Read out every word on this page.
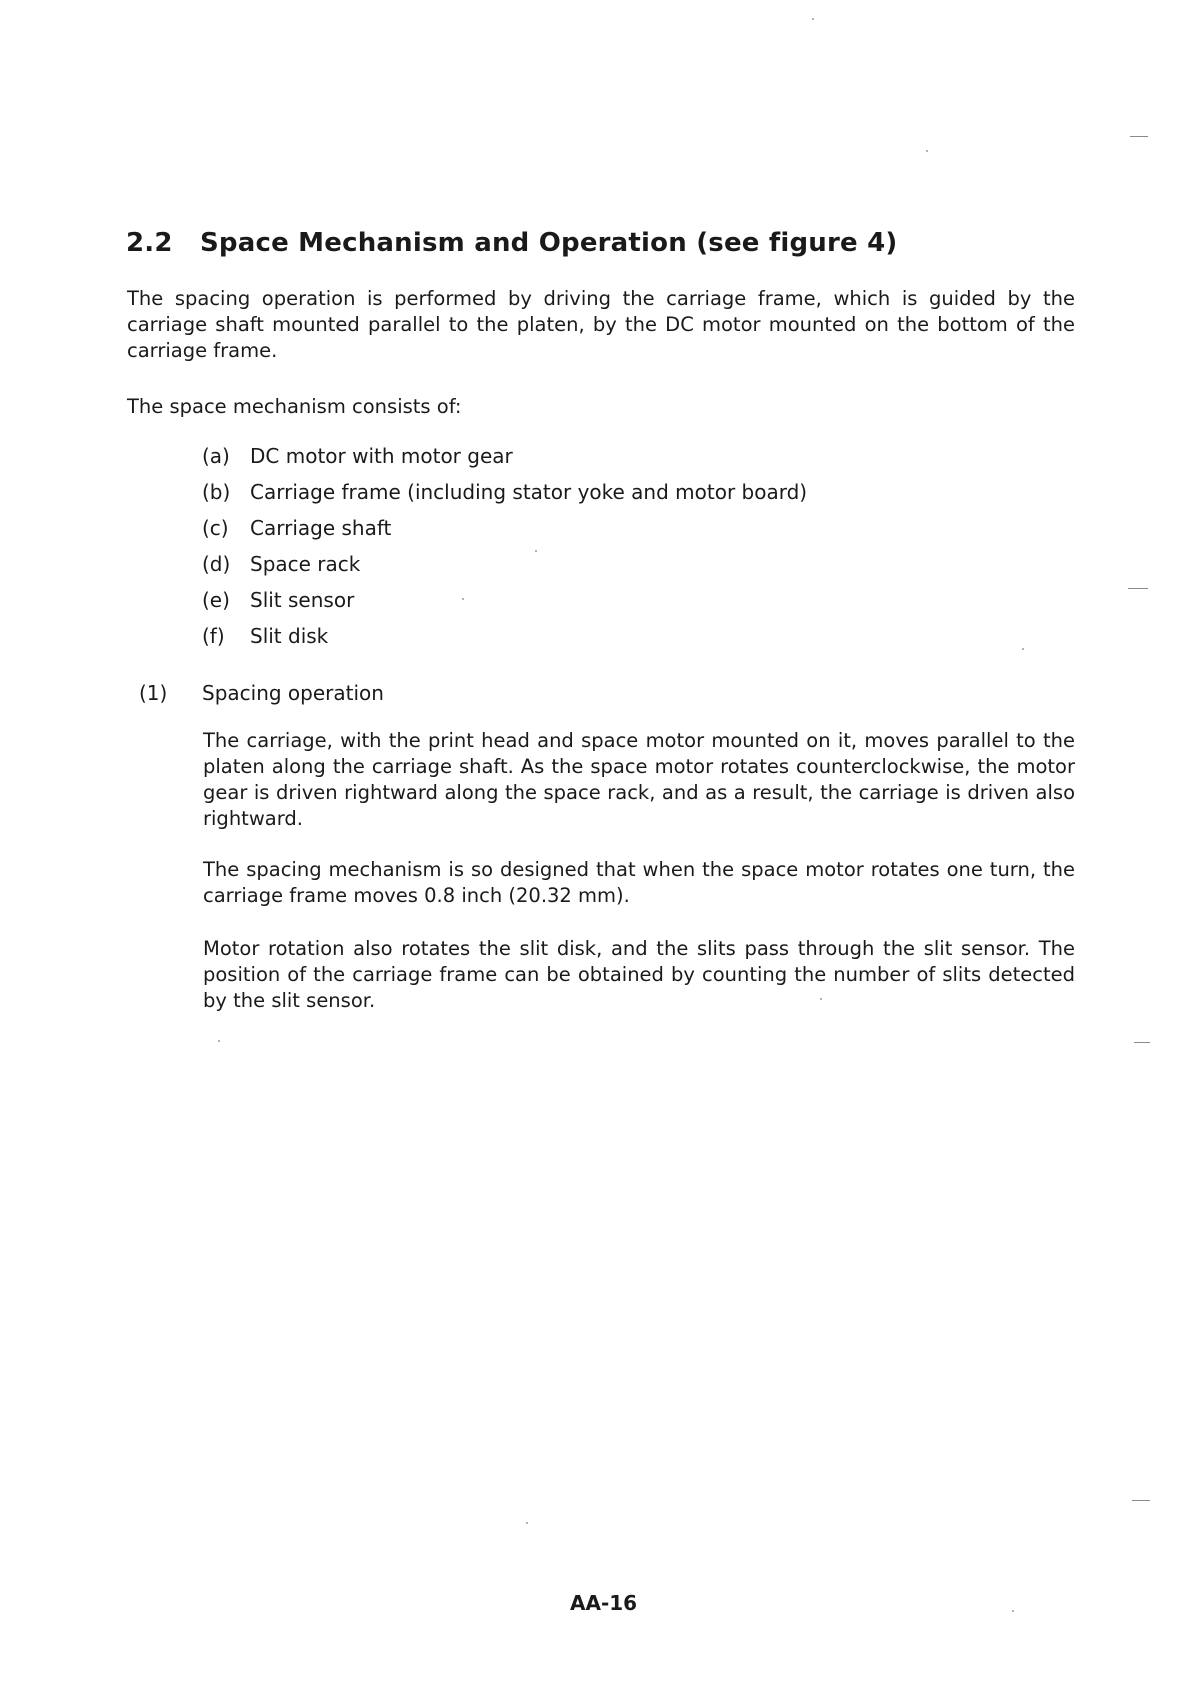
2.2 Space Mechanism and Operation (see figure 4)

The spacing operation is performed by driving the carriage frame, which is guided by the carriage shaft mounted parallel to the platen, by the DC motor mounted on the bottom of the carriage frame.

The space mechanism consists of:

(a) DC motor with motor gear
(b) Carriage frame (including stator yoke and motor board)
(c) Carriage shaft
(d) Space rack
(e) Slit sensor
(f) Slit disk
(1) Spacing operation

The carriage, with the print head and space motor mounted on it, moves parallel to the platen along the carriage shaft. As the space motor rotates counterclockwise, the motor gear is driven rightward along the space rack, and as a result, the carriage is driven also rightward.

The spacing mechanism is so designed that when the space motor rotates one turn, the carriage frame moves 0.8 inch (20.32 mm).

Motor rotation also rotates the slit disk, and the slits pass through the slit sensor. The position of the carriage frame can be obtained by counting the number of slits detected by the slit sensor.

AA-16
